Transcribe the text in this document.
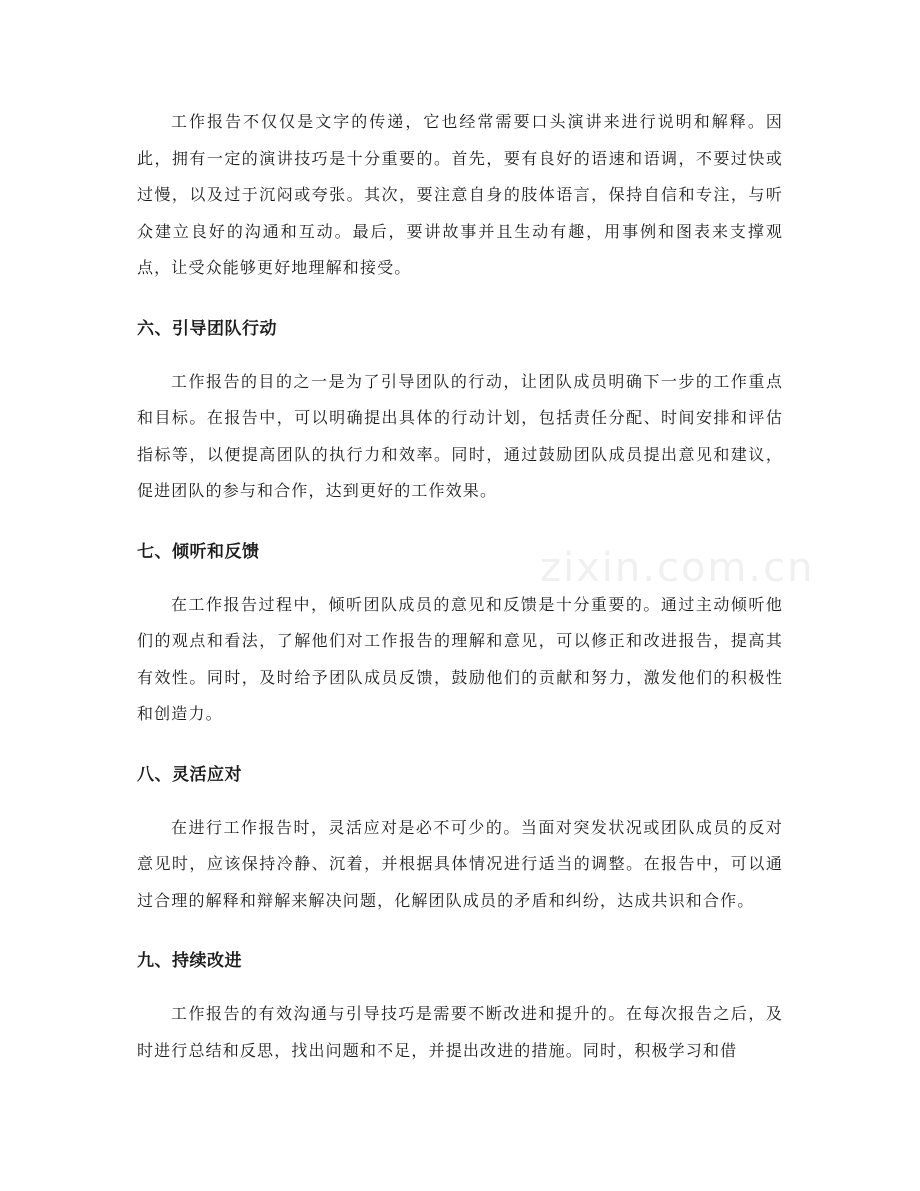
工作报告不仅仅是文字的传递，它也经常需要口头演讲来进行说明和解释。因此，拥有一定的演讲技巧是十分重要的。首先，要有良好的语速和语调，不要过快或过慢，以及过于沉闷或夸张。其次，要注意自身的肢体语言，保持自信和专注，与听众建立良好的沟通和互动。最后，要讲故事并且生动有趣，用事例和图表来支撑观点，让受众能够更好地理解和接受。

六、引导团队行动

工作报告的目的之一是为了引导团队的行动，让团队成员明确下一步的工作重点和目标。在报告中，可以明确提出具体的行动计划，包括责任分配、时间安排和评估指标等，以便提高团队的执行力和效率。同时，通过鼓励团队成员提出意见和建议，促进团队的参与和合作，达到更好的工作效果。

七、倾听和反馈

在工作报告过程中，倾听团队成员的意见和反馈是十分重要的。通过主动倾听他们的观点和看法，了解他们对工作报告的理解和意见，可以修正和改进报告，提高其有效性。同时，及时给予团队成员反馈，鼓励他们的贡献和努力，激发他们的积极性和创造力。

八、灵活应对

在进行工作报告时，灵活应对是必不可少的。当面对突发状况或团队成员的反对意见时，应该保持冷静、沉着，并根据具体情况进行适当的调整。在报告中，可以通过合理的解释和辩解来解决问题，化解团队成员的矛盾和纠纷，达成共识和合作。

九、持续改进

工作报告的有效沟通与引导技巧是需要不断改进和提升的。在每次报告之后，及时进行总结和反思，找出问题和不足，并提出改进的措施。同时，积极学习和借

zixin.com.cn
